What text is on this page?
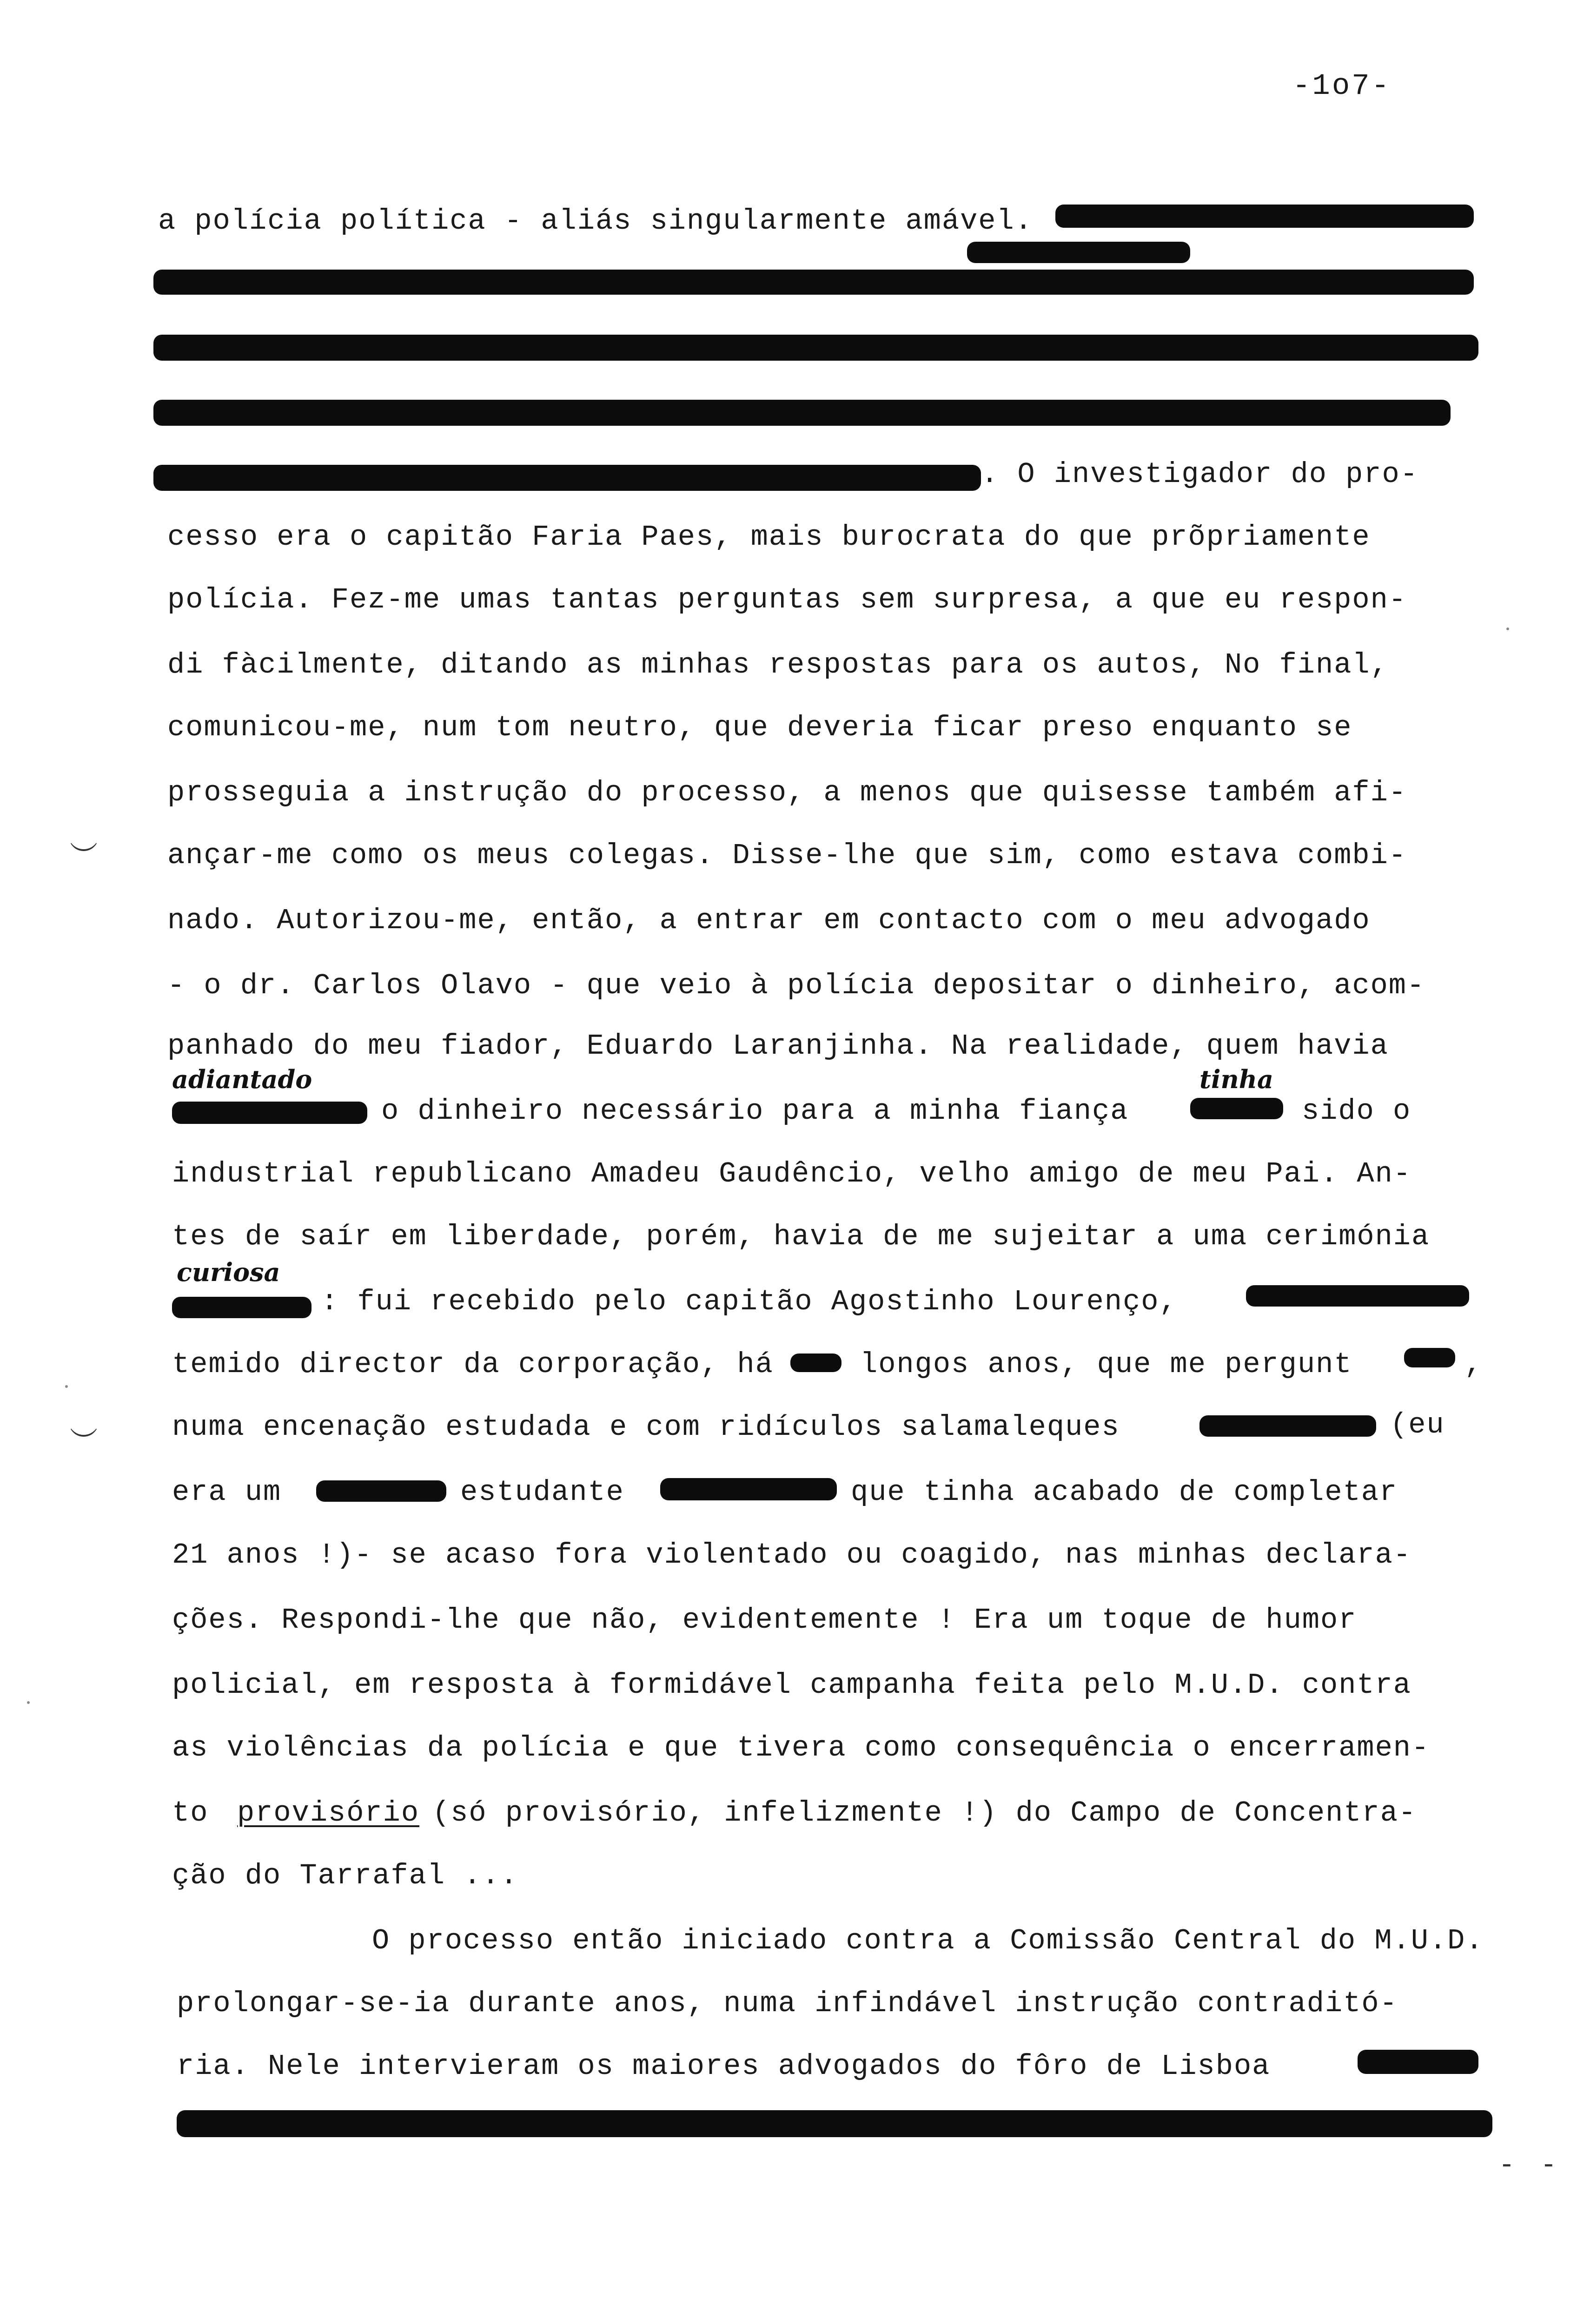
-1o7-
a polícia política - aliás singularmente amável.
. O investigador do pro-
cesso era o capitão Faria Paes, mais burocrata do que prõpriamente
polícia. Fez-me umas tantas perguntas sem surpresa, a que eu respon-
di fàcilmente, ditando as minhas respostas para os autos, No final,
comunicou-me, num tom neutro, que deveria ficar preso enquanto se
prosseguia a instrução do processo, a menos que quisesse também afi-
ançar-me como os meus colegas. Disse-lhe que sim, como estava combi-
nado. Autorizou-me, então, a entrar em contacto com o meu advogado
- o dr. Carlos Olavo - que veio à polícia depositar o dinheiro, acom-
panhado do meu fiador, Eduardo Laranjinha. Na realidade, quem havia
adiantado
o dinheiro necessário para a minha fiança
tinha
sido o
industrial republicano Amadeu Gaudêncio, velho amigo de meu Pai. An-
tes de saír em liberdade, porém, havia de me sujeitar a uma cerimónia
curiosa
: fui recebido pelo capitão Agostinho Lourenço,
temido director da corporação, há	longos anos, que me pergunt	,
numa encenação estudada e com ridículos salamaleques	(eu
era um	estudante	que tinha acabado de completar
21 anos !)- se acaso fora violentado ou coagido, nas minhas declara-
ções. Respondi-lhe que não, evidentemente ! Era um toque de humor
policial, em resposta à formidável campanha feita pelo M.U.D. contra
as violências da polícia e que tivera como consequência o encerramen-
to provisório (só provisório, infelizmente !) do Campo de Concentra-
ção do Tarrafal ...
O processo então iniciado contra a Comissão Central do M.U.D.
prolongar-se-ia durante anos, numa infindável instrução contraditó-
ria. Nele intervieram os maiores advogados do fôro de Lisboa
︶
︶
- -
